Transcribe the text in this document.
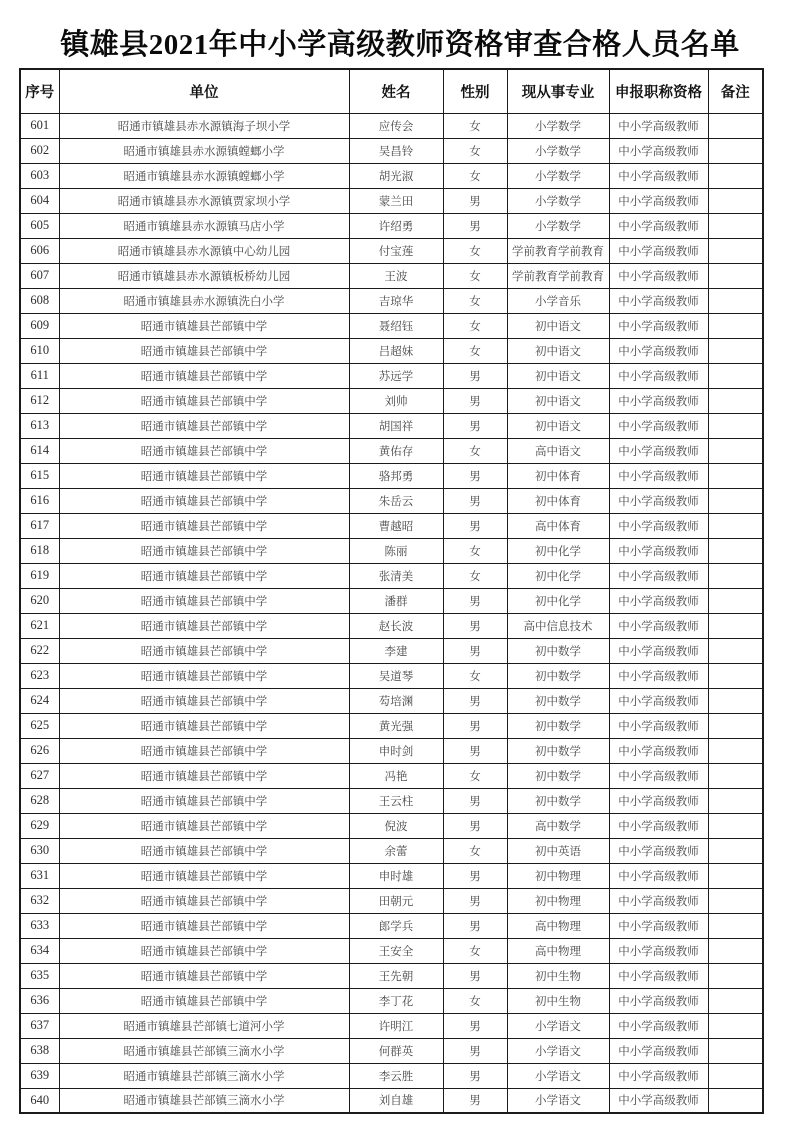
镇雄县2021年中小学高级教师资格审查合格人员名单
序号	单位	姓名	性别	现从事专业	申报职称资格	备注
601	昭通市镇雄县赤水源镇海子坝小学	应传会	女	小学数学	中小学高级教师	
602	昭通市镇雄县赤水源镇螳螂小学	吴昌铃	女	小学数学	中小学高级教师	
603	昭通市镇雄县赤水源镇螳螂小学	胡光淑	女	小学数学	中小学高级教师	
604	昭通市镇雄县赤水源镇贾家坝小学	蒙兰田	男	小学数学	中小学高级教师	
605	昭通市镇雄县赤水源镇马店小学	许绍勇	男	小学数学	中小学高级教师	
606	昭通市镇雄县赤水源镇中心幼儿园	付宝莲	女	学前教育学前教育	中小学高级教师	
607	昭通市镇雄县赤水源镇板桥幼儿园	王波	女	学前教育学前教育	中小学高级教师	
608	昭通市镇雄县赤水源镇洗白小学	吉琼华	女	小学音乐	中小学高级教师	
609	昭通市镇雄县芒部镇中学	聂绍钰	女	初中语文	中小学高级教师	
610	昭通市镇雄县芒部镇中学	吕超妹	女	初中语文	中小学高级教师	
611	昭通市镇雄县芒部镇中学	苏远学	男	初中语文	中小学高级教师	
612	昭通市镇雄县芒部镇中学	刘帅	男	初中语文	中小学高级教师	
613	昭通市镇雄县芒部镇中学	胡国祥	男	初中语文	中小学高级教师	
614	昭通市镇雄县芒部镇中学	黄佑存	女	高中语文	中小学高级教师	
615	昭通市镇雄县芒部镇中学	骆邦勇	男	初中体育	中小学高级教师	
616	昭通市镇雄县芒部镇中学	朱岳云	男	初中体育	中小学高级教师	
617	昭通市镇雄县芒部镇中学	曹越昭	男	高中体育	中小学高级教师	
618	昭通市镇雄县芒部镇中学	陈丽	女	初中化学	中小学高级教师	
619	昭通市镇雄县芒部镇中学	张清美	女	初中化学	中小学高级教师	
620	昭通市镇雄县芒部镇中学	潘群	男	初中化学	中小学高级教师	
621	昭通市镇雄县芒部镇中学	赵长波	男	高中信息技术	中小学高级教师	
622	昭通市镇雄县芒部镇中学	李建	男	初中数学	中小学高级教师	
623	昭通市镇雄县芒部镇中学	吴道琴	女	初中数学	中小学高级教师	
624	昭通市镇雄县芒部镇中学	芶培渊	男	初中数学	中小学高级教师	
625	昭通市镇雄县芒部镇中学	黄光强	男	初中数学	中小学高级教师	
626	昭通市镇雄县芒部镇中学	申时剑	男	初中数学	中小学高级教师	
627	昭通市镇雄县芒部镇中学	冯艳	女	初中数学	中小学高级教师	
628	昭通市镇雄县芒部镇中学	王云柱	男	初中数学	中小学高级教师	
629	昭通市镇雄县芒部镇中学	倪波	男	高中数学	中小学高级教师	
630	昭通市镇雄县芒部镇中学	余蕾	女	初中英语	中小学高级教师	
631	昭通市镇雄县芒部镇中学	申时雄	男	初中物理	中小学高级教师	
632	昭通市镇雄县芒部镇中学	田朝元	男	初中物理	中小学高级教师	
633	昭通市镇雄县芒部镇中学	郎学兵	男	高中物理	中小学高级教师	
634	昭通市镇雄县芒部镇中学	王安全	女	高中物理	中小学高级教师	
635	昭通市镇雄县芒部镇中学	王先朝	男	初中生物	中小学高级教师	
636	昭通市镇雄县芒部镇中学	李丁花	女	初中生物	中小学高级教师	
637	昭通市镇雄县芒部镇七道河小学	许明江	男	小学语文	中小学高级教师	
638	昭通市镇雄县芒部镇三滴水小学	何群英	男	小学语文	中小学高级教师	
639	昭通市镇雄县芒部镇三滴水小学	李云胜	男	小学语文	中小学高级教师	
640	昭通市镇雄县芒部镇三滴水小学	刘自雄	男	小学语文	中小学高级教师	
